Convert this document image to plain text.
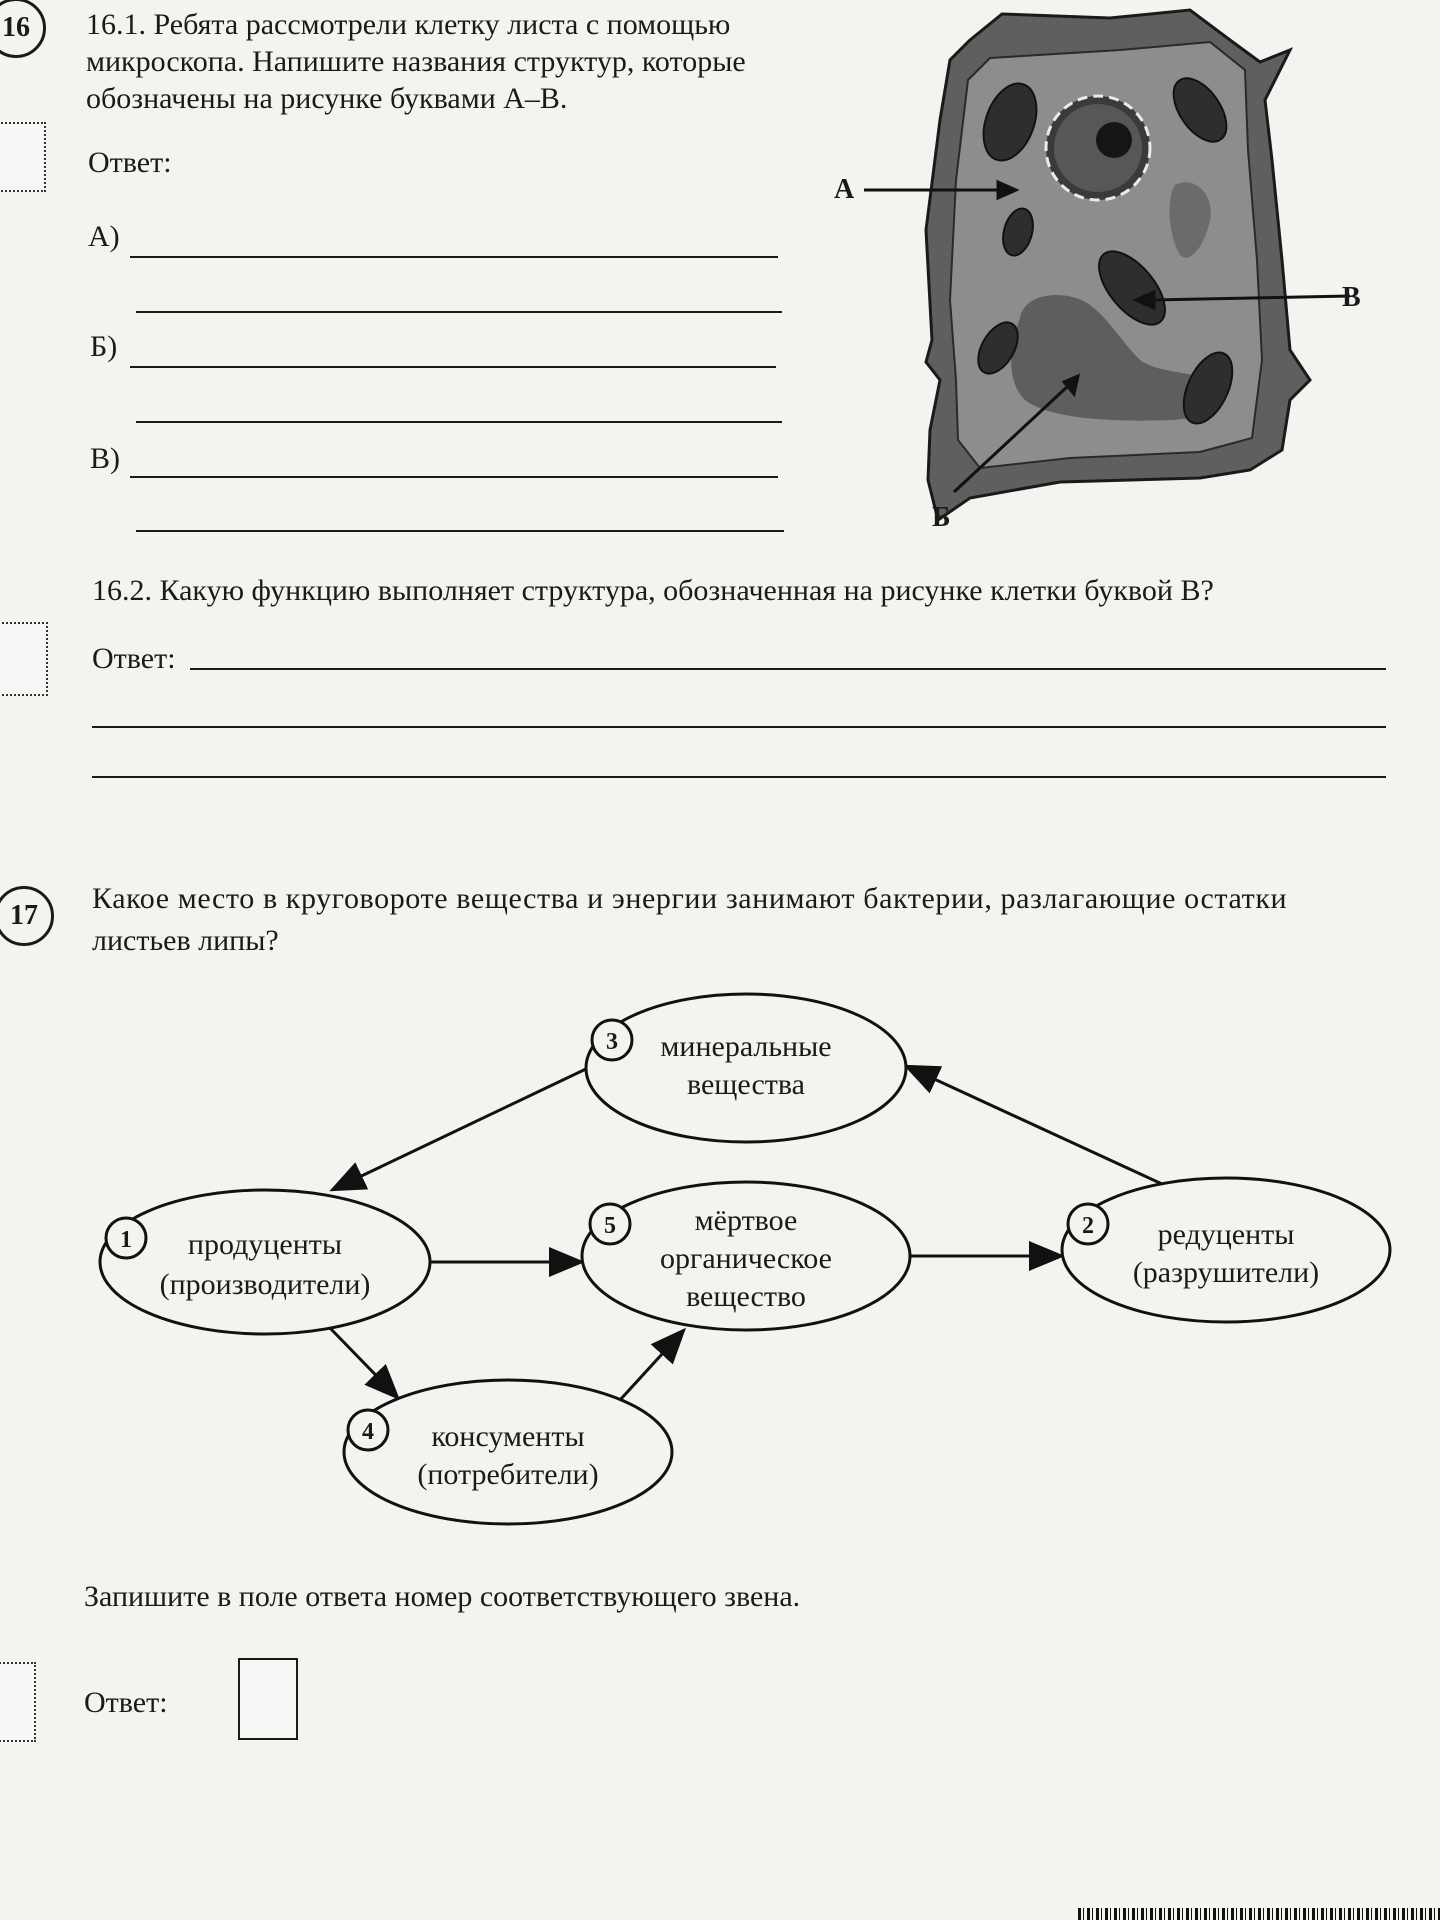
16 16.1. Ребята рассмотрели клетку листа с помощью
микроскопа. Напишите названия структур, которые
обозначены на рисунке буквами А–В.
Ответ:
А)
Б)
В)
А
В
Б
16.2. Какую функцию выполняет структура, обозначенная на рисунке клетки буквой В?
Ответ:
17
Какое место в круговороте вещества и энергии занимают бактерии, разлагающие остатки
листьев липы?
3 минеральные
вещества
1 продуценты
(производители)
5	мёртвое
органическое
вещество
2 редуценты
(разрушители)
4 консументы
(потребители)
Запишите в поле ответа номер соответствующего звена.
Ответ:
